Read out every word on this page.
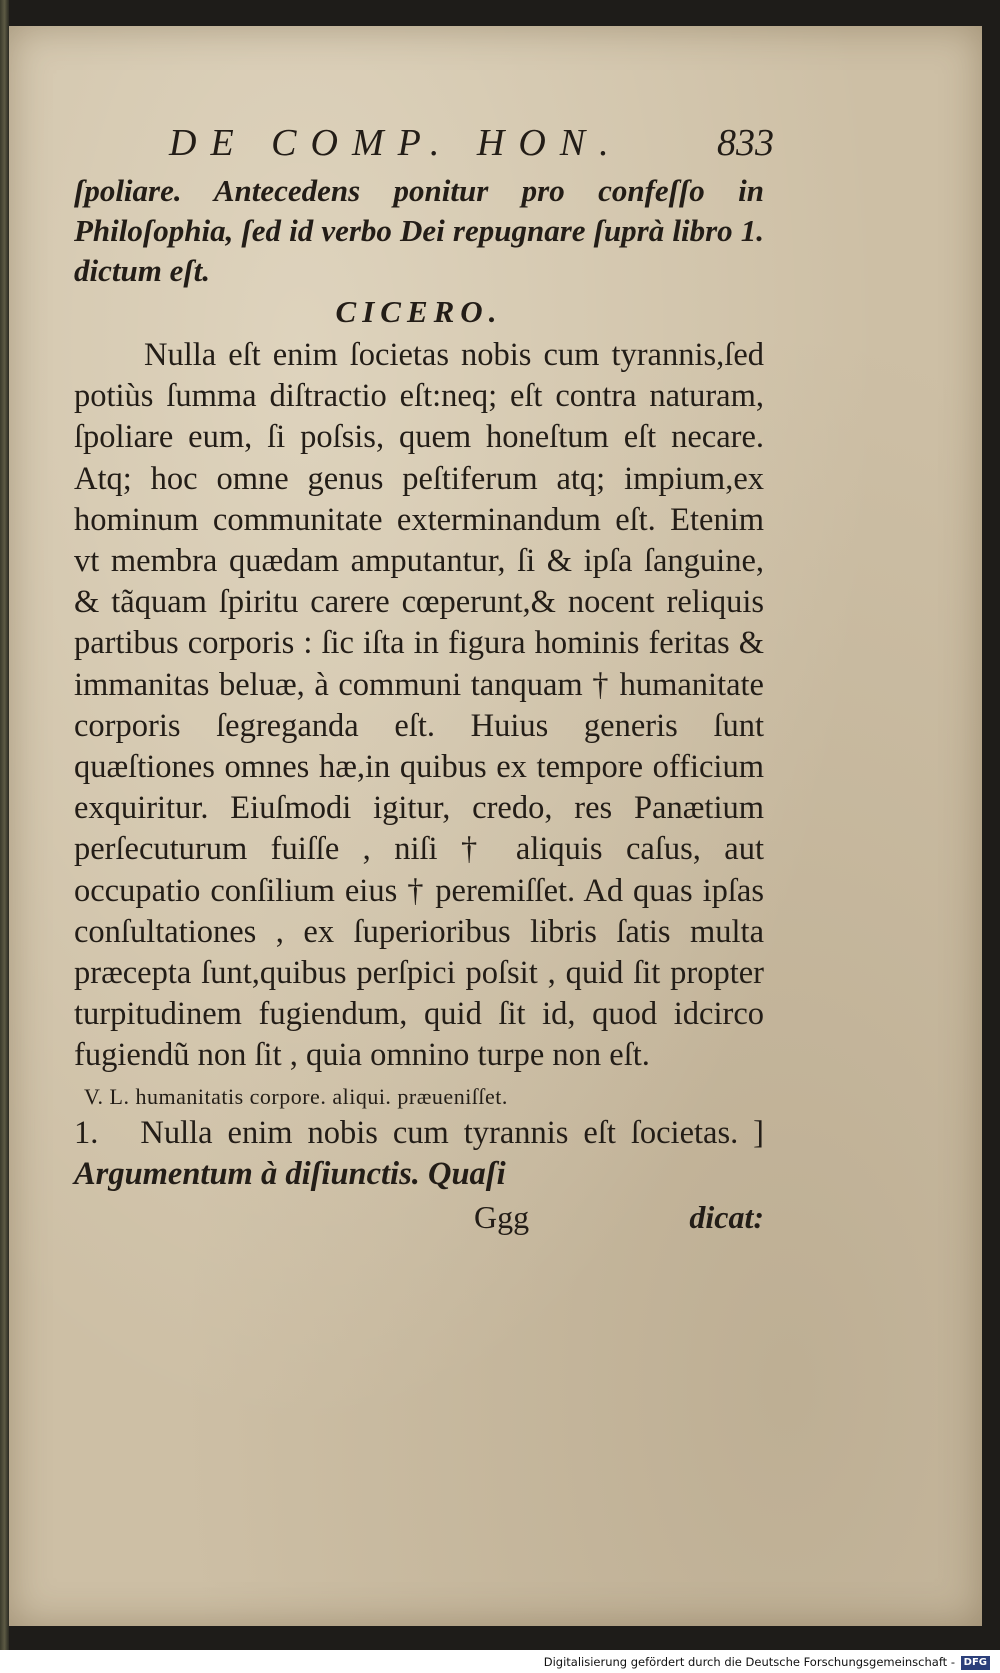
DE COMP. HON. 833
ſpoliare. Antecedens ponitur pro confeſſo in Philoſophia, ſed id verbo Dei repugnare ſuprà libro 1. dictum eſt.
CICERO.
Nulla eſt enim ſocietas nobis cum tyrannis,ſed potiùs ſumma diſtractio eſt:neq; eſt contra naturam, ſpoliare eum, ſi poſsis, quem honeſtum eſt necare. Atq; hoc omne genus peſtiferum atq; impium,ex hominum communitate exterminandum eſt. Etenim vt membra quædam amputantur, ſi & ipſa ſanguine, & tãquam ſpiritu carere cœperunt,& nocent reliquis partibus corporis : ſic iſta in figura hominis feritas & immanitas beluæ, à communi tanquam † humanitate corporis ſegreganda eſt. Huius generis ſunt quæſtiones omnes hæ,in quibus ex tempore officium exquiritur. Eiuſmodi igitur, credo, res Panætium perſecuturum fuiſſe , niſi † aliquis caſus, aut occupatio conſilium eius † peremiſſet. Ad quas ipſas conſultationes , ex ſuperioribus libris ſatis multa præcepta ſunt,quibus perſpici poſsit , quid ſit propter turpitudinem fugiendum, quid ſit id, quod idcirco fugiendũ non ſit , quia omnino turpe non eſt.
V. L. humanitatis corpore. aliqui. præueniſſet.
1. Nulla enim nobis cum tyrannis eſt ſocietas. ] Argumentum à diſiunctis. Quaſi
Ggg	dicat:
Digitalisierung gefördert durch die Deutsche Forschungsgemeinschaft - DFG
